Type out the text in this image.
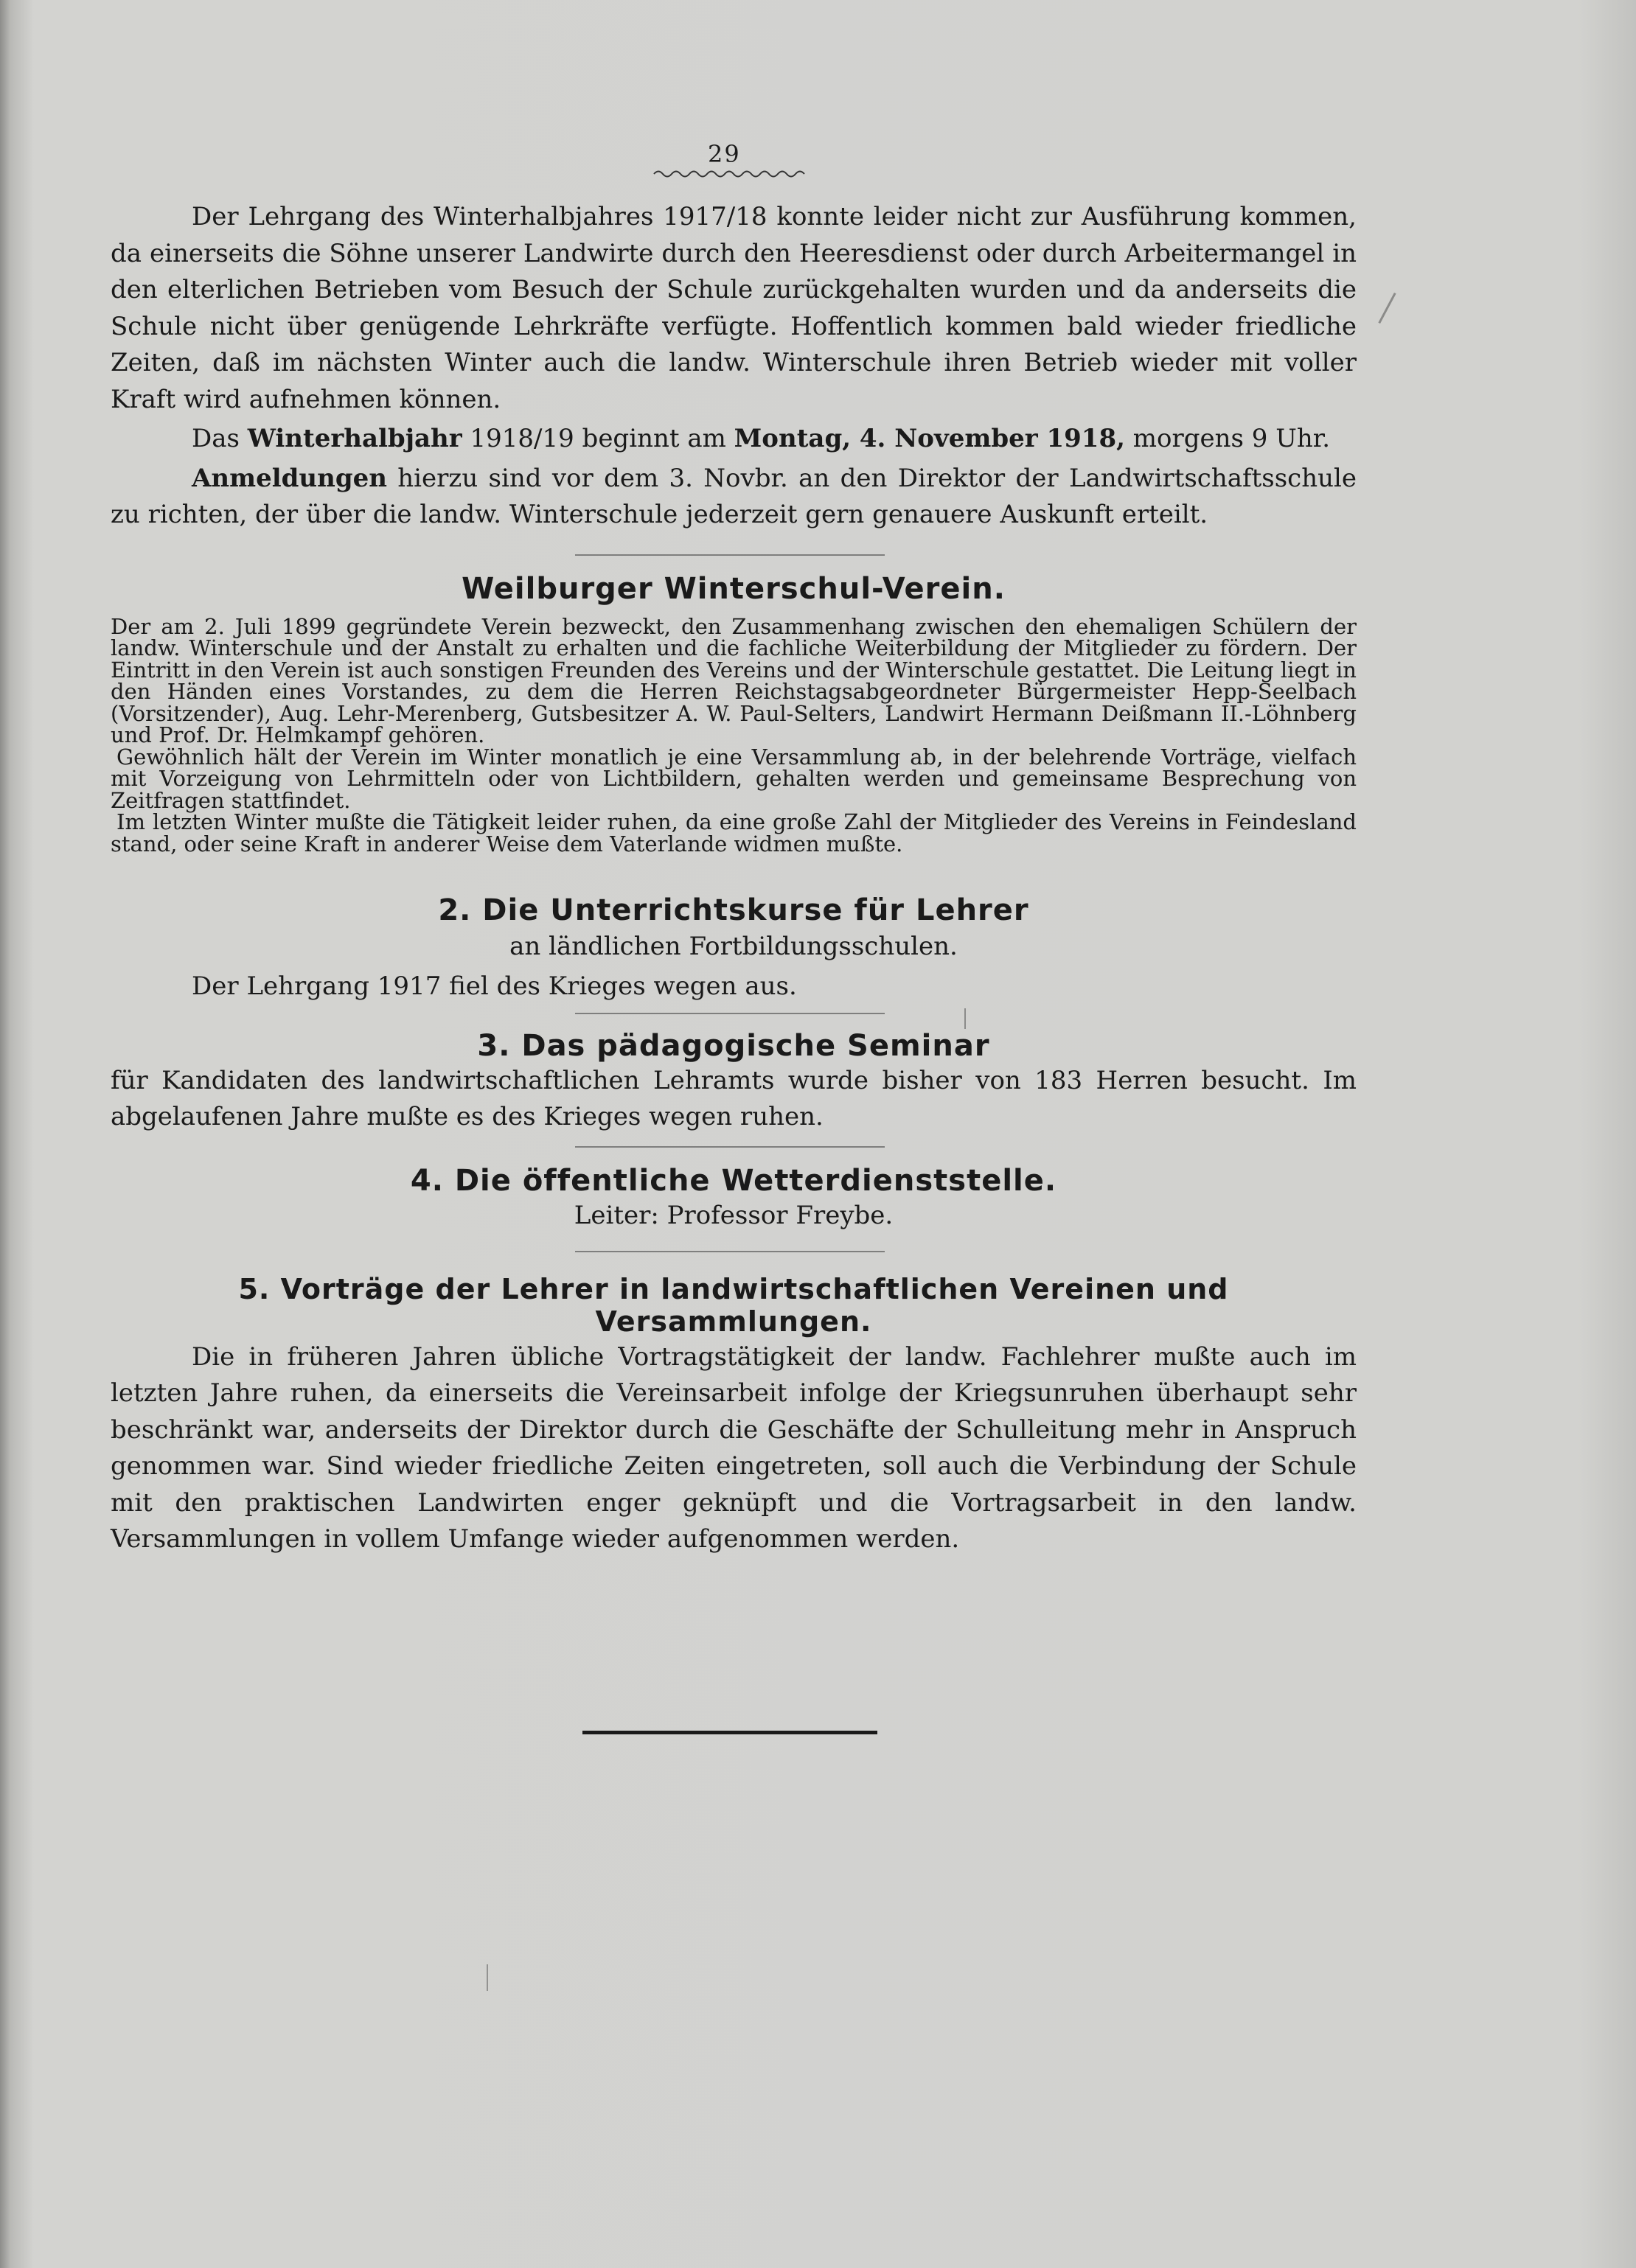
29

Der Lehrgang des Winterhalbjahres 1917/18 konnte leider nicht zur Ausführung kommen, da einerseits die Söhne unserer Landwirte durch den Heeresdienst oder durch Arbeitermangel in den elterlichen Betrieben vom Besuch der Schule zurückgehalten wurden und da anderseits die Schule nicht über genügende Lehrkräfte verfügte. Hoffentlich kommen bald wieder friedliche Zeiten, daß im nächsten Winter auch die landw. Winterschule ihren Betrieb wieder mit voller Kraft wird aufnehmen können.

Das Winterhalbjahr 1918/19 beginnt am Montag, 4. November 1918, morgens 9 Uhr.

Anmeldungen hierzu sind vor dem 3. Novbr. an den Direktor der Landwirtschaftsschule zu richten, der über die landw. Winterschule jederzeit gern genauere Auskunft erteilt.

Weilburger Winterschul-Verein.

Der am 2. Juli 1899 gegründete Verein bezweckt, den Zusammenhang zwischen den ehemaligen Schülern der landw. Winterschule und der Anstalt zu erhalten und die fachliche Weiterbildung der Mitglieder zu fördern. Der Eintritt in den Verein ist auch sonstigen Freunden des Vereins und der Winterschule gestattet. Die Leitung liegt in den Händen eines Vorstandes, zu dem die Herren Reichstagsabgeordneter Bürgermeister Hepp-Seelbach (Vorsitzender), Aug. Lehr-Merenberg, Gutsbesitzer A. W. Paul-Selters, Landwirt Hermann Deißmann II.-Löhnberg und Prof. Dr. Helmkampf gehören.

Gewöhnlich hält der Verein im Winter monatlich je eine Versammlung ab, in der belehrende Vorträge, vielfach mit Vorzeigung von Lehrmitteln oder von Lichtbildern, gehalten werden und gemeinsame Besprechung von Zeitfragen stattfindet.

Im letzten Winter mußte die Tätigkeit leider ruhen, da eine große Zahl der Mitglieder des Vereins in Feindesland stand, oder seine Kraft in anderer Weise dem Vaterlande widmen mußte.

2. Die Unterrichtskurse für Lehrer
an ländlichen Fortbildungsschulen.

Der Lehrgang 1917 fiel des Krieges wegen aus.

3. Das pädagogische Seminar

für Kandidaten des landwirtschaftlichen Lehramts wurde bisher von 183 Herren besucht. Im abgelaufenen Jahre mußte es des Krieges wegen ruhen.

4. Die öffentliche Wetterdienststelle.
Leiter: Professor Freybe.
5. Vorträge der Lehrer in landwirtschaftlichen Vereinen und Versammlungen.

Die in früheren Jahren übliche Vortragstätigkeit der landw. Fachlehrer mußte auch im letzten Jahre ruhen, da einerseits die Vereinsarbeit infolge der Kriegsunruhen überhaupt sehr beschränkt war, anderseits der Direktor durch die Geschäfte der Schulleitung mehr in Anspruch genommen war. Sind wieder friedliche Zeiten eingetreten, soll auch die Verbindung der Schule mit den praktischen Landwirten enger geknüpft und die Vortragsarbeit in den landw. Versammlungen in vollem Umfange wieder aufgenommen werden.
